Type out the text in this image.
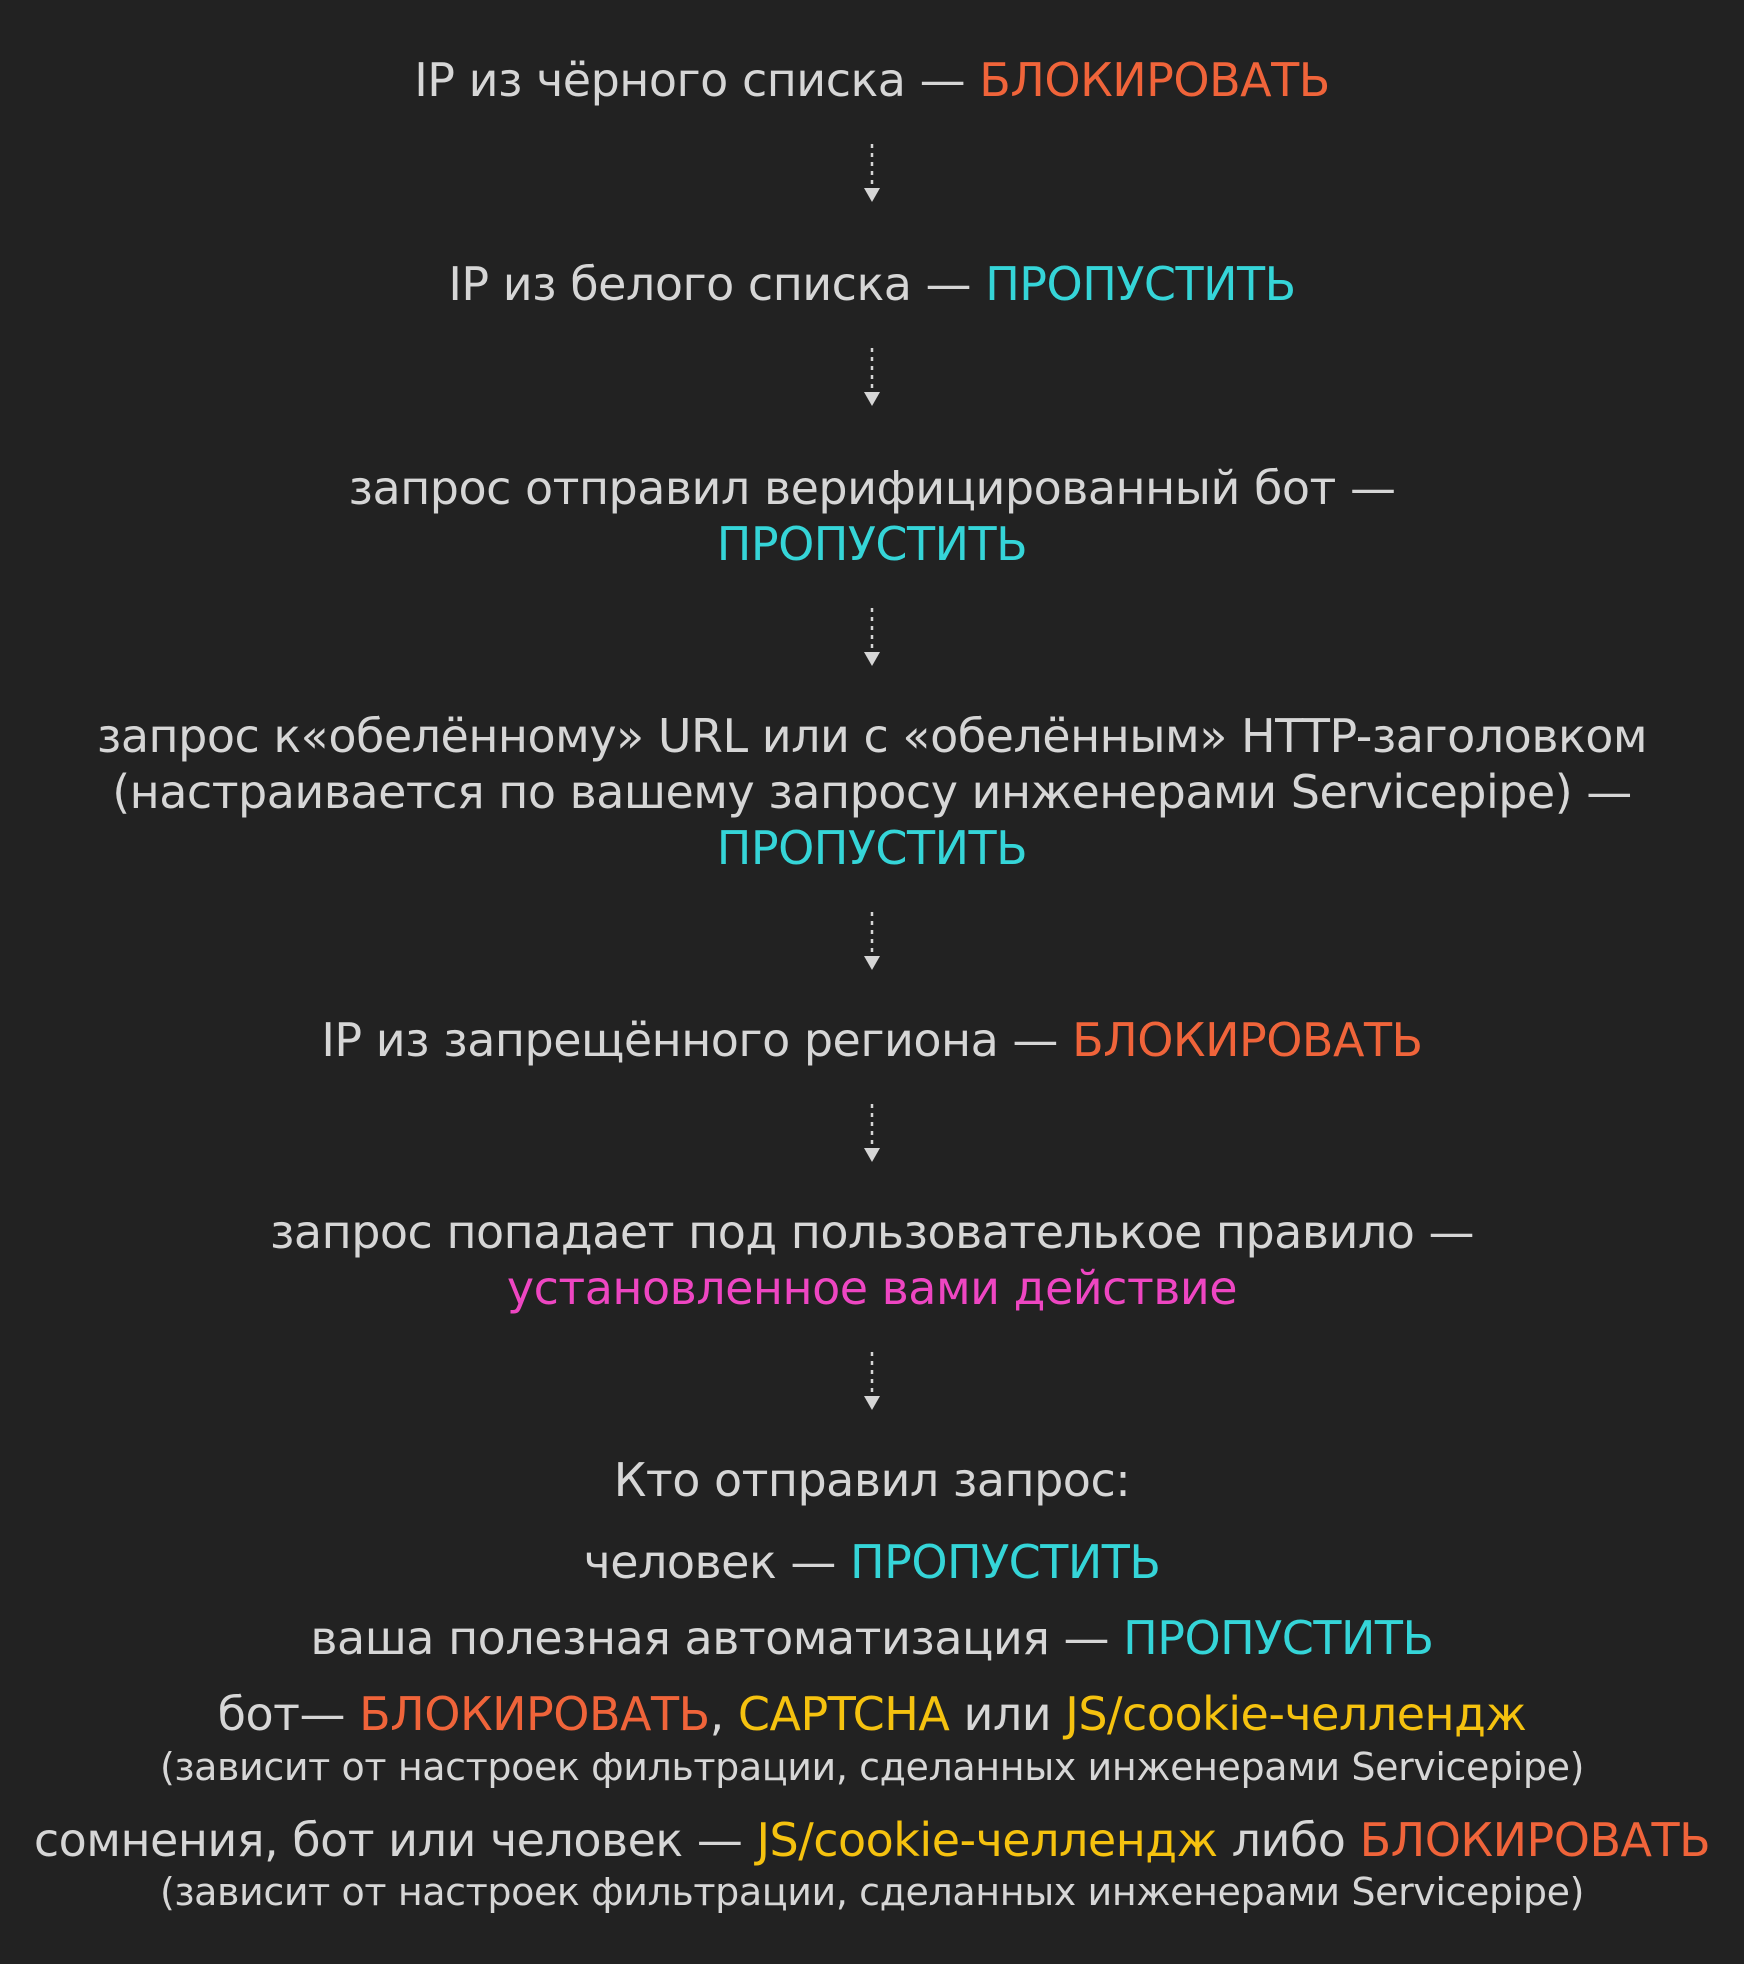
IP из чёрного списка — БЛОКИРОВАТЬ
IP из белого списка — ПРОПУСТИТЬ
запрос отправил верифицированный бот —
ПРОПУСТИТЬ
запрос к«обелённому» URL или с «обелённым» HTTP-заголовком
(настраивается по вашему запросу инженерами Servicepipe) —
ПРОПУСТИТЬ
IP из запрещённого региона — БЛОКИРОВАТЬ
запрос попадает под пользователькое правило —
установленное вами действие
Кто отправил запрос:
человек — ПРОПУСТИТЬ
ваша полезная автоматизация — ПРОПУСТИТЬ
бот— БЛОКИРОВАТЬ, CAPTCHA или JS/cookie-челлендж
(зависит от настроек фильтрации, сделанных инженерами Servicepipe)
сомнения, бот или человек — JS/cookie-челлендж либо БЛОКИРОВАТЬ
(зависит от настроек фильтрации, сделанных инженерами Servicepipe)
